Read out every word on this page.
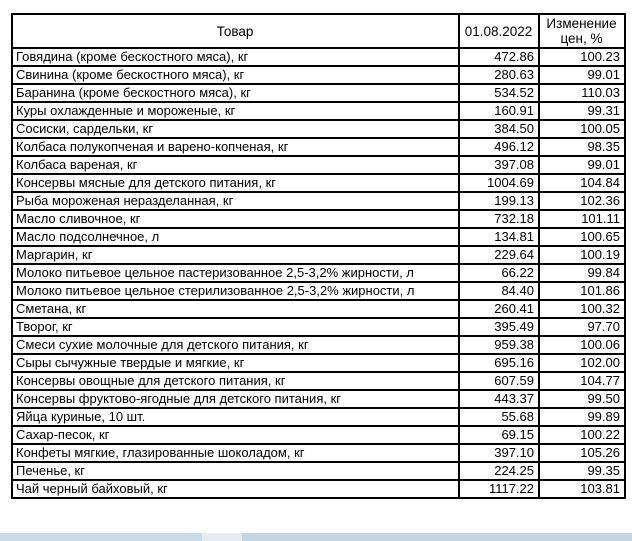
Товар	01.08.2022	Изменение
цен, %

Говядина (кроме бескостного мяса), кг	472.86	100.23
Свинина (кроме бескостного мяса), кг	280.63	99.01
Баранина (кроме бескостного мяса), кг	534.52	110.03
Куры охлажденные и мороженые, кг	160.91	99.31
Сосиски, сардельки, кг	384.50	100.05
Колбаса полукопченая и варено-копченая, кг	496.12	98.35
Колбаса вареная, кг	397.08	99.01
Консервы мясные для детского питания, кг	1004.69	104.84
Рыба мороженая неразделанная, кг	199.13	102.36
Масло сливочное, кг	732.18	101.11
Масло подсолнечное, л	134.81	100.65
Маргарин, кг	229.64	100.19
Молоко питьевое цельное пастеризованное 2,5-3,2% жирности, л	66.22	99.84
Молоко питьевое цельное стерилизованное 2,5-3,2% жирности, л	84.40	101.86
Сметана, кг	260.41	100.32
Творог, кг	395.49	97.70
Смеси сухие молочные для детского питания, кг	959.38	100.06
Сыры сычужные твердые и мягкие, кг	695.16	102.00
Консервы овощные для детского питания, кг	607.59	104.77
Консервы фруктово-ягодные для детского питания, кг	443.37	99.50
Яйца куриные, 10 шт.	55.68	99.89
Сахар-песок, кг	69.15	100.22
Конфеты мягкие, глазированные шоколадом, кг	397.10	105.26
Печенье, кг	224.25	99.35
Чай черный байховый, кг	1117.22	103.81
